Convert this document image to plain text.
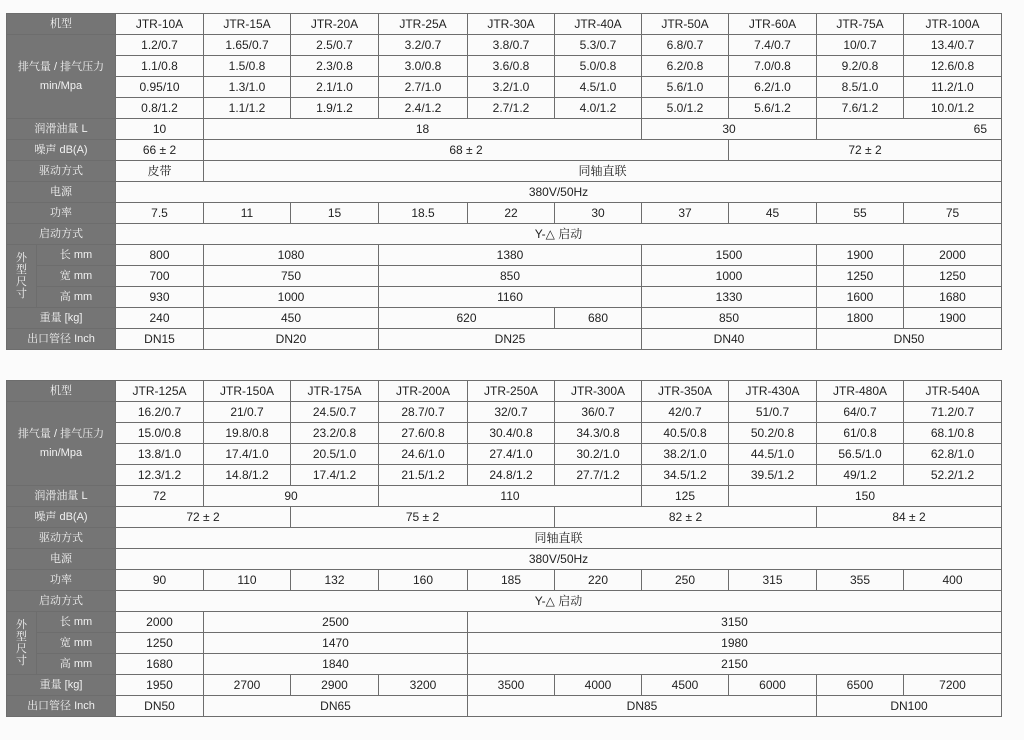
机型		JTR-10A	JTR-15A	JTR-20A	JTR-25A	JTR-30A	JTR-40A	JTR-50A	JTR-60A	JTR-75A	JTR-100A
排气量 / 排气压力 min/Mpa		1.2/0.7	1.65/0.7	2.5/0.7	3.2/0.7	3.8/0.7	5.3/0.7	6.8/0.7	7.4/0.7	10/0.7	13.4/0.7
		1.1/0.8	1.5/0.8	2.3/0.8	3.0/0.8	3.6/0.8	5.0/0.8	6.2/0.8	7.0/0.8	9.2/0.8	12.6/0.8
		0.95/10	1.3/1.0	2.1/1.0	2.7/1.0	3.2/1.0	4.5/1.0	5.6/1.0	6.2/1.0	8.5/1.0	11.2/1.0
		0.8/1.2	1.1/1.2	1.9/1.2	2.4/1.2	2.7/1.2	4.0/1.2	5.0/1.2	5.6/1.2	7.6/1.2	10.0/1.2
润滑油量 L		10	18					30		65	

噪声 dB(A)		66 ± 2	68 ± 2						72 ± 2		
驱动方式		皮带	同轴直联								
电源		380V/50Hz									
功率		7.5	11	15	18.5	22	30	37	45	55	75
启动方式		Y-△ 启动									
外型尺寸	长 mm	800	1080		1380			1500		1900	2000
	宽 mm	700	750		850			1000		1250	1250
	高 mm	930	1000		1160			1330		1600	1680
重量 [kg]		240	450		620		680	850		1800	1900
出口管径 Inch		DN15	DN20		DN25			DN40		DN50	
机型		JTR-125A	JTR-150A	JTR-175A	JTR-200A	JTR-250A	JTR-300A	JTR-350A	JTR-430A	JTR-480A	JTR-540A	
排气量 / 排气压力 min/Mpa		16.2/0.7	21/0.7	24.5/0.7	28.7/0.7	32/0.7	36/0.7	42/0.7	51/0.7	64/0.7	71.2/0.7	
		15.0/0.8	19.8/0.8	23.2/0.8	27.6/0.8	30.4/0.8	34.3/0.8	40.5/0.8	50.2/0.8	61/0.8	68.1/0.8	
		13.8/1.0	17.4/1.0	20.5/1.0	24.6/1.0	27.4/1.0	30.2/1.0	38.2/1.0	44.5/1.0	56.5/1.0	62.8/1.0	
		12.3/1.2	14.8/1.2	17.4/1.2	21.5/1.2	24.8/1.2	27.7/1.2	34.5/1.2	39.5/1.2	49/1.2	52.2/1.2	
润滑油量 L		72	90		110			125	150	
噪声 dB(A)		72 ± 2		75 ± 2			82 ± 2			84 ± 2		
驱动方式		同轴直联										
电源		380V/50Hz										
功率		90	110	132	160	185	220	250	315	355	400	
启动方式		Y-△ 启动										
外型尺寸	长 mm	2000	2500			3150						
	宽 mm	1250	1470			1980						
	高 mm	1680	1840			2150						
重量 [kg]		1950	2700	2900	3200	3500	4000	4500	6000	6500	7200	
出口管径 Inch		DN50	DN65			DN85				DN100		
